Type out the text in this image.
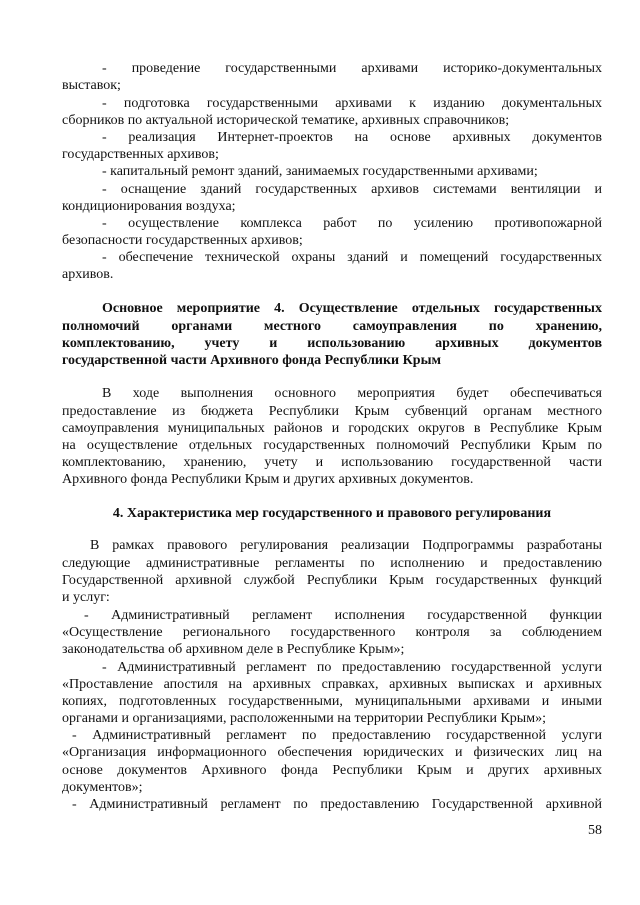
- проведение государственными архивами историко-документальных
выставок;
- подготовка государственными архивами к изданию документальных
сборников по актуальной исторической тематике, архивных справочников;
- реализация Интернет-проектов на основе архивных документов
государственных архивов;
- капитальный ремонт зданий, занимаемых государственными архивами;
- оснащение зданий государственных архивов системами вентиляции и
кондиционирования воздуха;
- осуществление комплекса работ по усилению противопожарной
безопасности государственных архивов;
- обеспечение технической охраны зданий и помещений государственных
архивов.
Основное мероприятие 4. Осуществление отдельных государственных
полномочий органами местного самоуправления по хранению,
комплектованию, учету и использованию архивных документов
государственной части Архивного фонда Республики Крым
В ходе выполнения основного мероприятия будет обеспечиваться
предоставление из бюджета Республики Крым субвенций органам местного
самоуправления муниципальных районов и городских округов в Республике Крым
на осуществление отдельных государственных полномочий Республики Крым по
комплектованию, хранению, учету и использованию государственной части
Архивного фонда Республики Крым и других архивных документов.
4. Характеристика мер государственного и правового регулирования
В рамках правового регулирования реализации Подпрограммы разработаны
следующие административные регламенты по исполнению и предоставлению
Государственной архивной службой Республики Крым государственных функций
и услуг:
- Административный регламент исполнения государственной функции
«Осуществление регионального государственного контроля за соблюдением
законодательства об архивном деле в Республике Крым»;
- Административный регламент по предоставлению государственной услуги
«Проставление апостиля на архивных справках, архивных выписках и архивных
копиях, подготовленных государственными, муниципальными архивами и иными
органами и организациями, расположенными на территории Республики Крым»;
- Административный регламент по предоставлению государственной услуги
«Организация информационного обеспечения юридических и физических лиц на
основе документов Архивного фонда Республики Крым и других архивных
документов»;
- Административный регламент по предоставлению Государственной архивной
58
